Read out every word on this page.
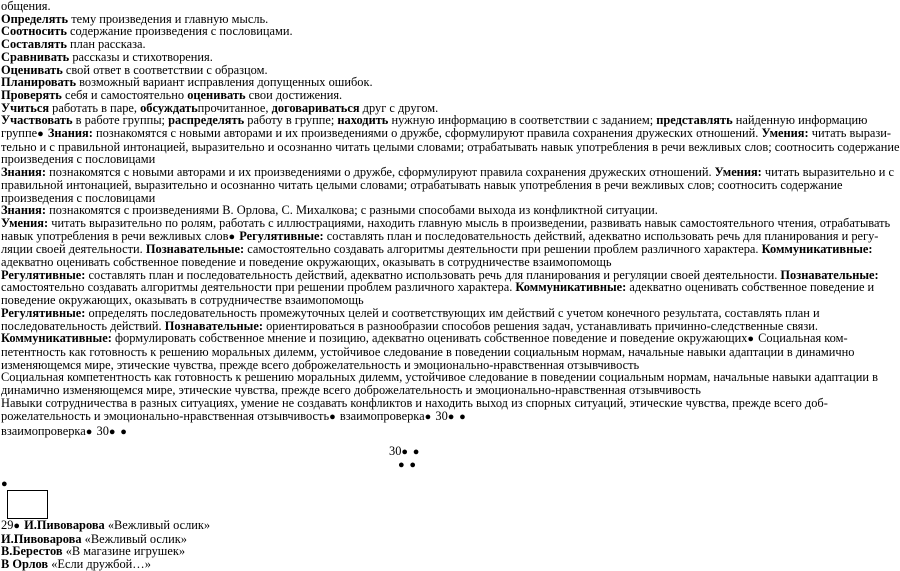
общения.
Определять тему произведения и главную мысль.
Соотносить содержание произведения с пословицами.
Составлять план рассказа.
Сравнивать рассказы и стихотворения.
Оценивать свой ответ в соответствии с образцом.
Планировать возможный вариант исправления допущенных ошибок.
Проверять себя и самостоятельно оценивать свои достижения.
Учиться работать в паре, обсуждатьпрочитанное, договариваться друг с другом.
Участвовать в работе группы; распределять работу в группе; находить нужную информацию в соответствии с заданием; представлять найденную информацию
группе● Знания: познакомятся с новыми авторами и их произведениями о дружбе, сформулируют правила сохранения дружеских отношений. Умения: читать вырази-
тельно и с правильной интонацией, выразительно и осознанно читать целыми словами; отрабатывать навык употребления в речи вежливых слов; соотносить содержание
произведения с пословицами
Знания: познакомятся с новыми авторами и их произведениями о дружбе, сформулируют правила сохранения дружеских отношений. Умения: читать выразительно и с
правильной интонацией, выразительно и осознанно читать целыми словами; отрабатывать навык употребления в речи вежливых слов; соотносить содержание
произведения с пословицами
Знания: познакомятся с произведениями В. Орлова, С. Михалкова; с разными способами выхода из конфликтной ситуации.
Умения: читать выразительно по ролям, работать с иллюстрациями, находить главную мысль в произведении, развивать навык самостоятельного чтения, отрабатывать
навык употребления в речи вежливых слов● Регулятивные: составлять план и последовательность действий, адекватно использовать речь для планирования и регу-
ляции своей деятельности. Познавательные: самостоятельно создавать алгоритмы деятельности при решении проблем различного характера. Коммуникативные:
адекватно оценивать собственное поведение и поведение окружающих, оказывать в сотрудничестве взаимопомощь
Регулятивные: составлять план и последовательность действий, адекватно использовать речь для планирования и регуляции своей деятельности. Познавательные:
самостоятельно создавать алгоритмы деятельности при решении проблем различного характера. Коммуникативные: адекватно оценивать собственное поведение и
поведение окружающих, оказывать в сотрудничестве взаимопомощь
Регулятивные: определять последовательность промежуточных целей и соответствующих им действий с учетом конечного результата, составлять план и
последовательность действий. Познавательные: ориентироваться в разнообразии способов решения задач, устанавливать причинно-следственные связи.
Коммуникативные: формулировать собственное мнение и позицию, адекватно оценивать собственное поведение и поведение окружающих● Социальная ком-
петентность как готовность к решению моральных дилемм, устойчивое следование в поведении социальным нормам, начальные навыки адаптации в динамично
изменяющемся мире, этические чувства, прежде всего доброжелательность и эмоционально-нравственная отзывчивость
Социальная компетентность как готовность к решению моральных дилемм, устойчивое следование в поведении социальным нормам, начальные навыки адаптации в
динамично изменяющемся мире, этические чувства, прежде всего доброжелательность и эмоционально-нравственная отзывчивость
Навыки сотрудничества в разных ситуациях, умение не создавать конфликтов и находить выход из спорных ситуаций, этические чувства, прежде всего доб-
рожелательность и эмоционально-нравственная отзывчивость● взаимопроверка● 30● ●
взаимопроверка● 30● ●
30● ●
● ●
●
29● И.Пивоварова «Вежливый ослик»
И.Пивоварова «Вежливый ослик»
В.Берестов «В магазине игрушек»
В Орлов «Если дружбой…»
